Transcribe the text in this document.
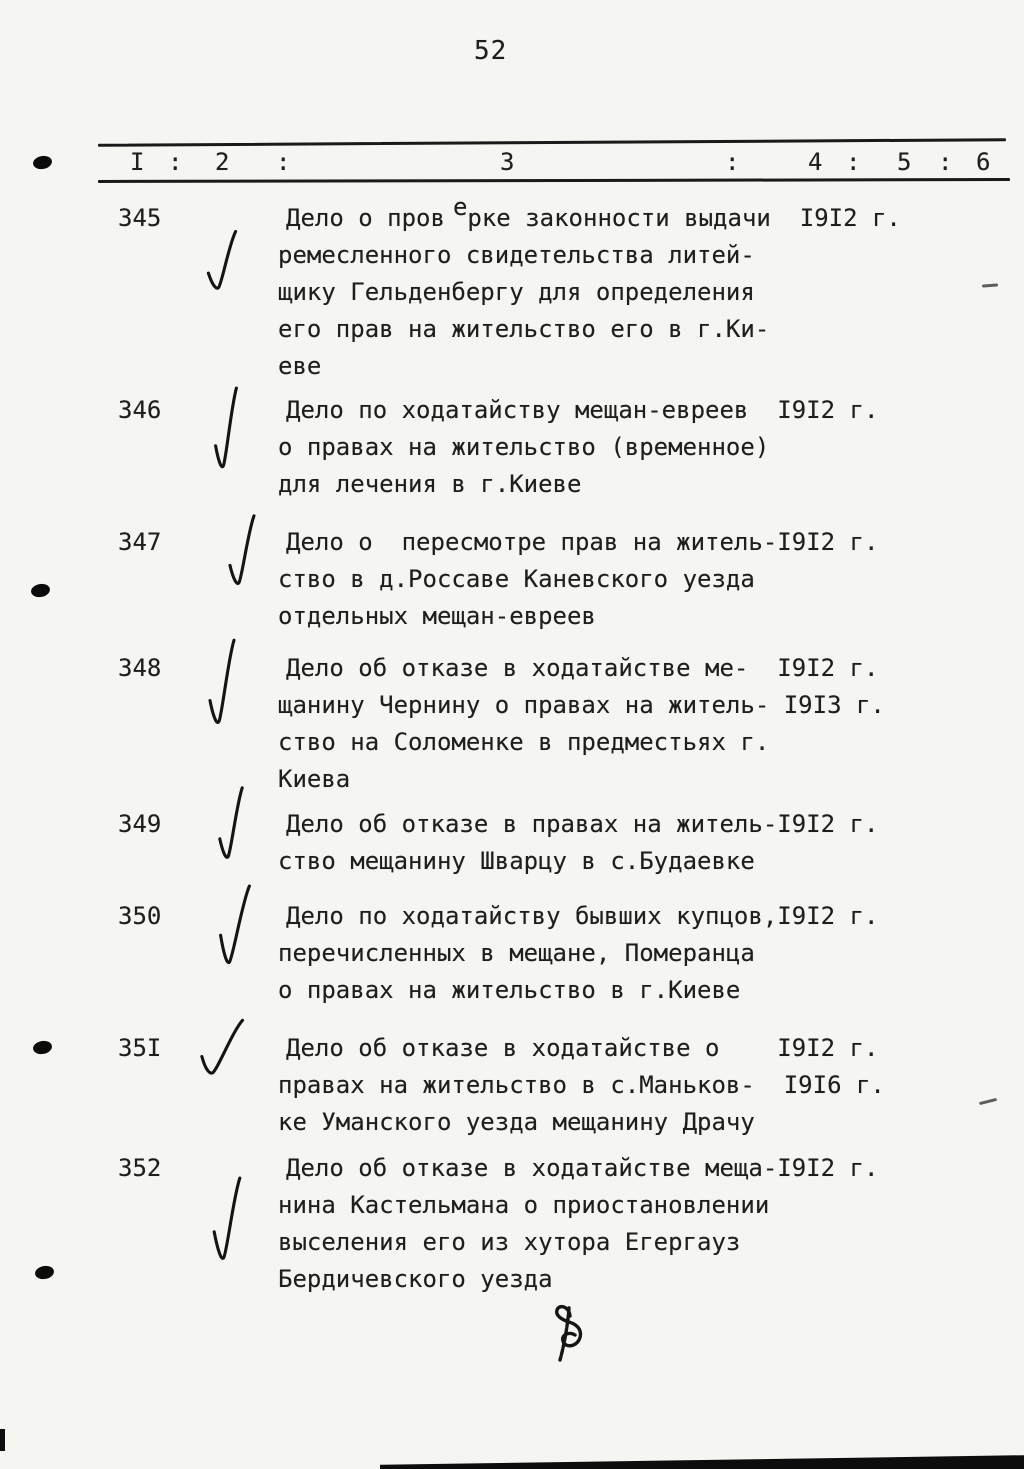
52
I : 2 :	3	:	4 : 5 : 6
345	Дело о пров ерке законности выдачи  I9I2 г.
ремесленного свидетельства литей-
щику Гельденбергу для определения
его прав на жительство его в г.Ки-
еве
346	Дело по ходатайству мещан-евреев  I9I2 г.
о правах на жительство (временное)
для лечения в г.Киеве
347	Дело о  пересмотре прав на житель-I9I2 г.
ство в д.Россаве Каневского уезда
отдельных мещан-евреев
348	Дело об отказе в ходатайстве ме-  I9I2 г.
щанину Чернину о правах на житель- I9I3 г.
ство на Соломенке в предместьях г.
Киева
349	Дело об отказе в правах на житель-I9I2 г.
ство мещанину Шварцу в с.Будаевке
350	Дело по ходатайству бывших купцов,I9I2 г.
перечисленных в мещане, Померанца
о правах на жительство в г.Киеве
35I	Дело об отказе в ходатайстве о    I9I2 г.
правах на жительство в с.Маньков-  I9I6 г.
ке Уманского уезда мещанину Драчу
352	Дело об отказе в ходатайстве меща-I9I2 г.
нина Кастельмана о приостановлении
выселения его из хутора Егергауз
Бердичевского уезда
